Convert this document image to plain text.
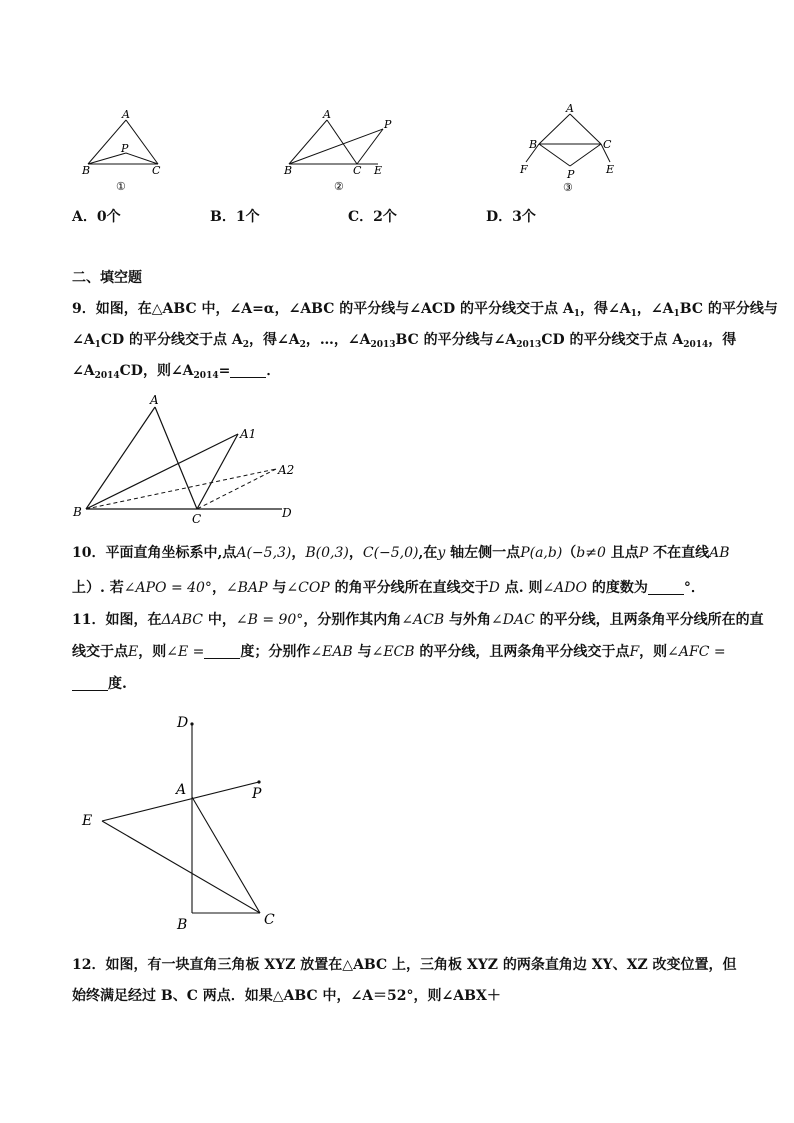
A
P
B	C
①
A
P
B	C E
②
A
B	C
F	E
P
③
A．0个	B．1个	C．2个	D．3个
二、填空题
9．如图，在△ABC 中，∠A=α，∠ABC 的平分线与∠ACD 的平分线交于点 $A_1$，得$\angle A_1$，$\angle A_1BC$ 的平分线与
$\angle A_1CD$ 的平分线交于点 $A_2$，得$\angle A_2$，…，$\angle A_{2013}BC$ 的平分线与$\angle A_{2013}CD$ 的平分线交于点 $A_{2014}$，得
$\angle A_{2014}CD$，则$\angle A_{2014}=$	．
A
A1
A2
B	C	D
10．平面直角坐标系中,点A(−5,3)，B(0,3)，C(−5,0),在y 轴左侧一点P(a,b)（b≠0 且点P 不在直线AB
上）. 若∠APO = 40°，∠BAP 与∠COP 的角平分线所在直线交于D 点. 则∠ADO 的度数为	°．
11．如图，在ΔABC 中，∠B = 90°，分别作其内角∠ACB 与外角∠DAC 的平分线，且两条角平分线所在的直
线交于点E，则∠E =	度；分别作∠EAB 与∠ECB 的平分线，且两条角平分线交于点F，则∠AFC =
度.
D
A	P
E
B	C
12．如图，有一块直角三角板 XYZ 放置在△ABC 上，三角板 XYZ 的两条直角边 XY、XZ 改变位置，但
始终满足经过 B、C 两点．如果△ABC 中，∠A＝52°，则∠ABX＋
